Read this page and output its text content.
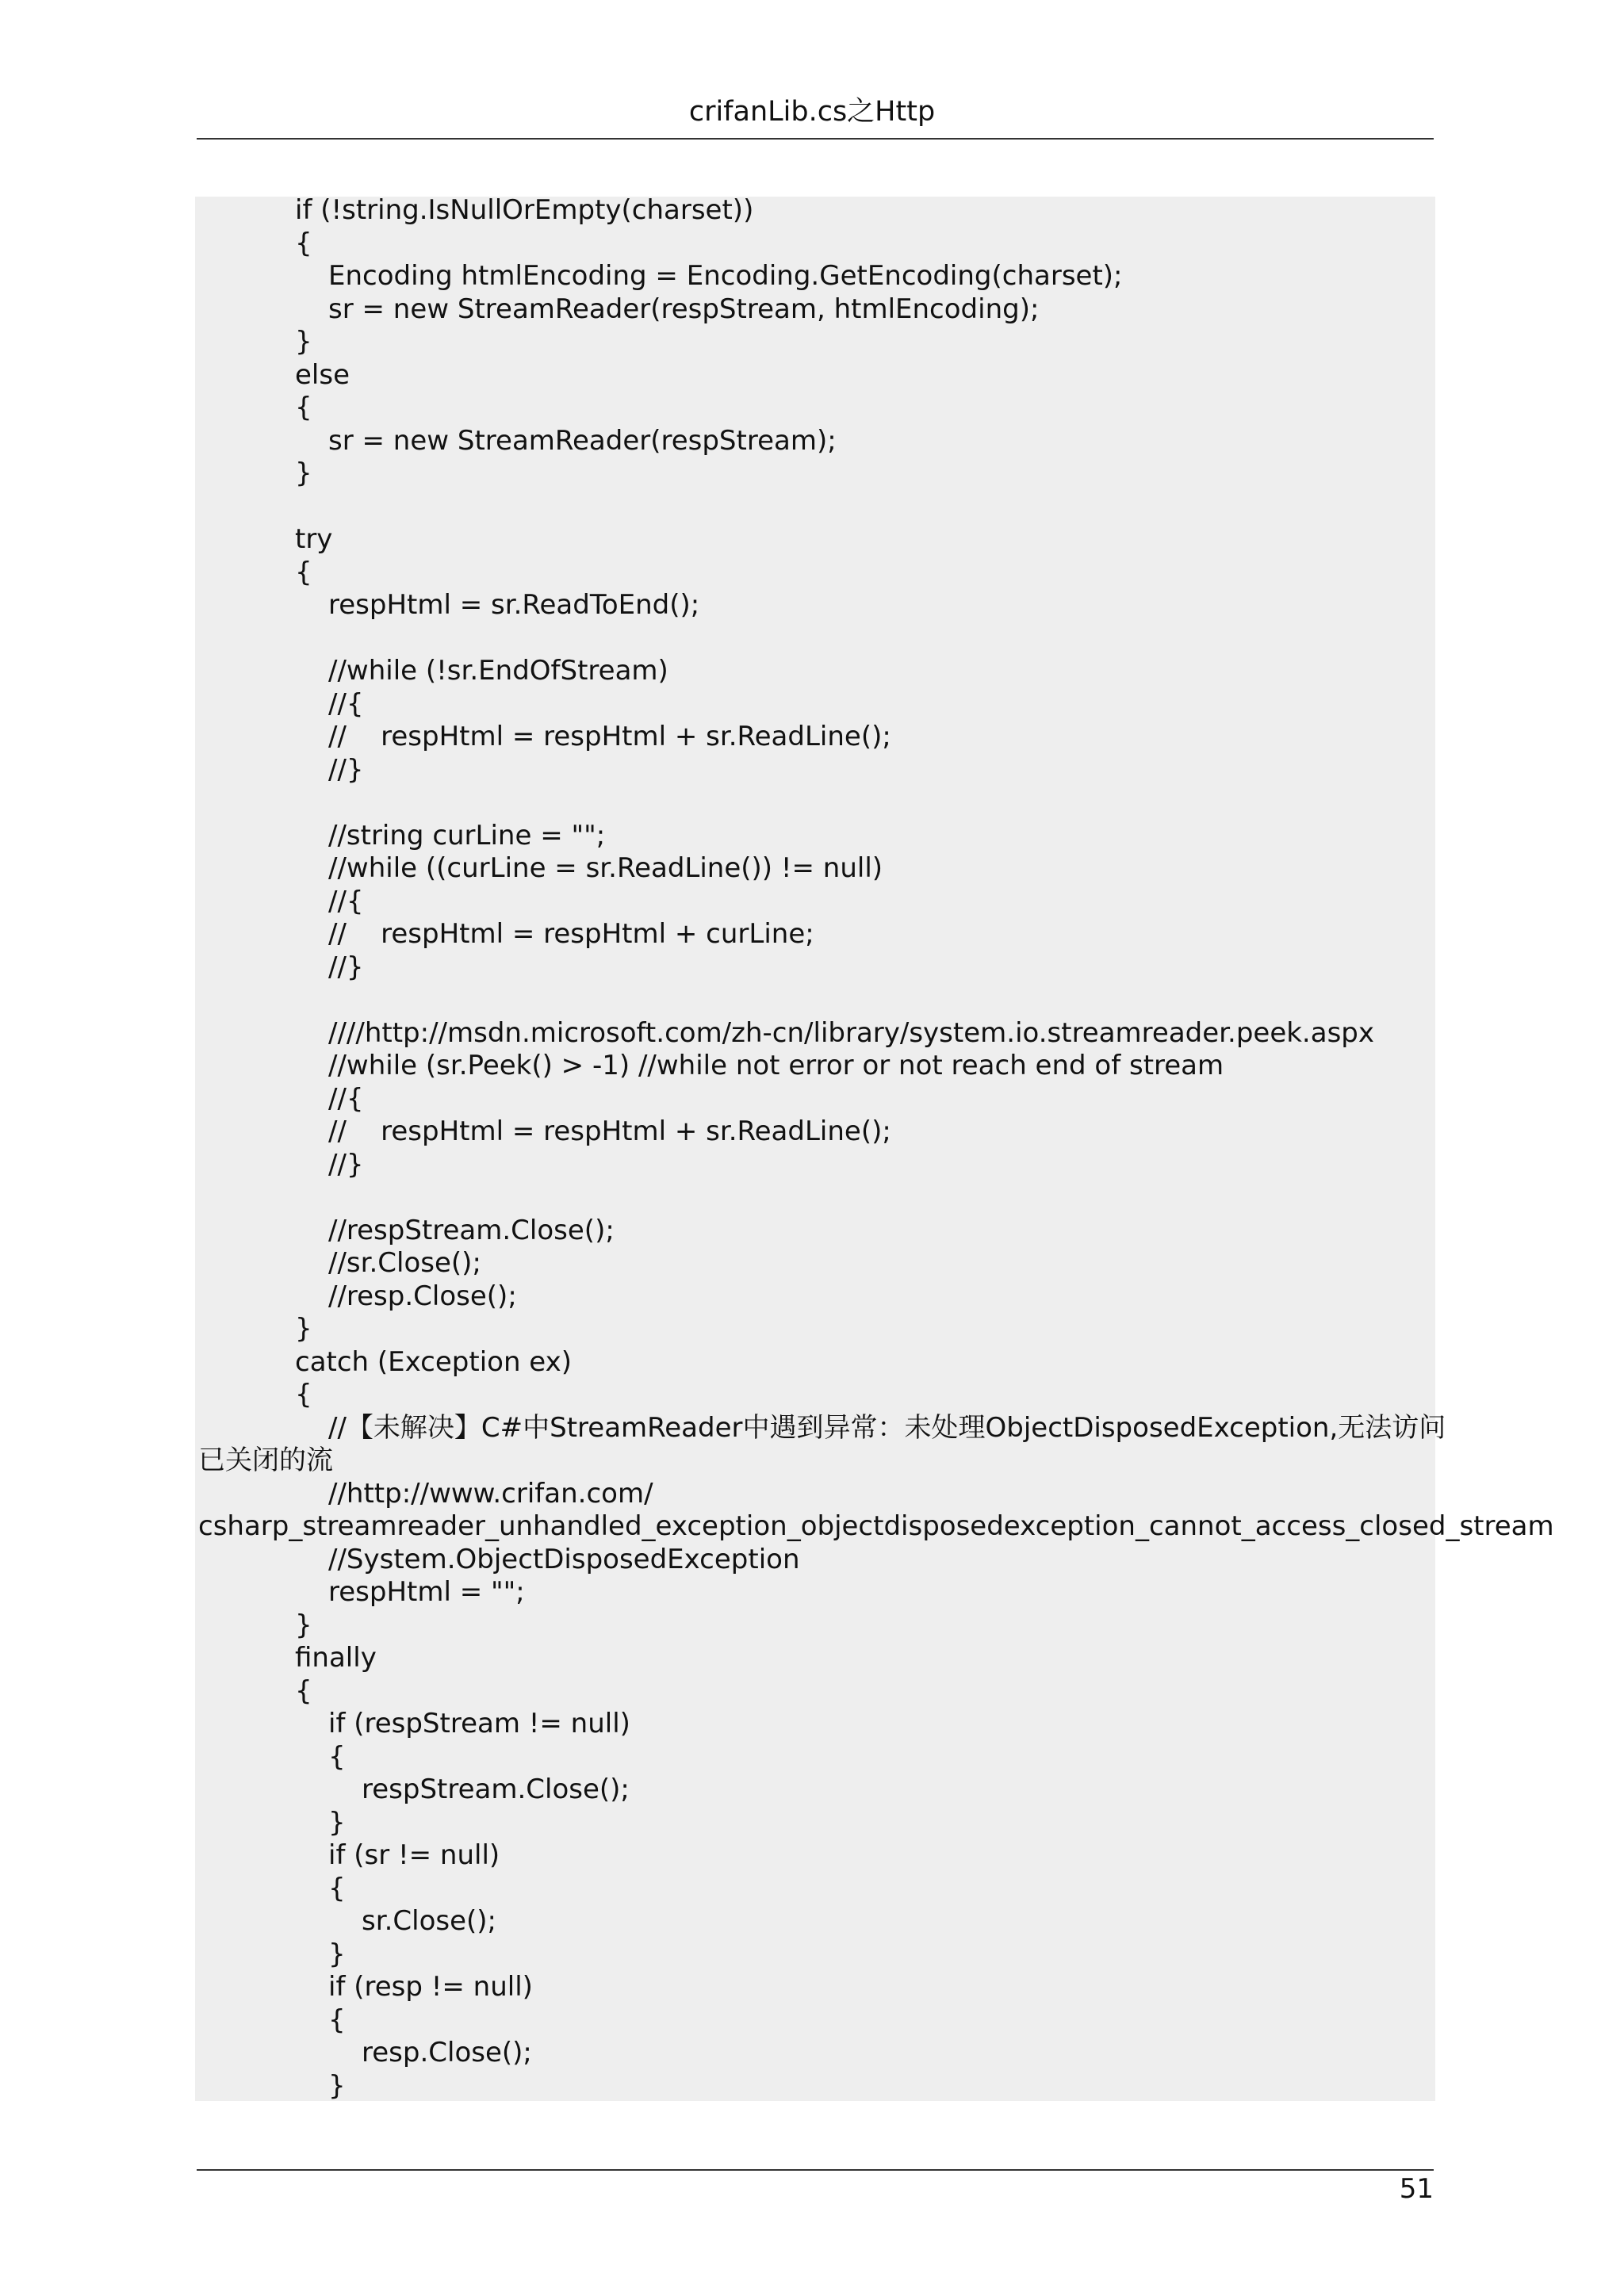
crifanLib.cs之Http
if (!string.IsNullOrEmpty(charset))
{
Encoding htmlEncoding = Encoding.GetEncoding(charset);
sr = new StreamReader(respStream, htmlEncoding);
}
else
{
sr = new StreamReader(respStream);
}
try
{
respHtml = sr.ReadToEnd();
//while (!sr.EndOfStream)
//{
//    respHtml = respHtml + sr.ReadLine();
//}
//string curLine = "";
//while ((curLine = sr.ReadLine()) != null)
//{
//    respHtml = respHtml + curLine;
//}
////http://msdn.microsoft.com/zh-cn/library/system.io.streamreader.peek.aspx
//while (sr.Peek() > -1) //while not error or not reach end of stream
//{
//    respHtml = respHtml + sr.ReadLine();
//}
//respStream.Close();
//sr.Close();
//resp.Close();
}
catch (Exception ex)
{
//【未解决】C#中StreamReader中遇到异常：未处理ObjectDisposedException,无法访问
已关闭的流
//http://www.crifan.com/
csharp_streamreader_unhandled_exception_objectdisposedexception_cannot_access_closed_stream
//System.ObjectDisposedException
respHtml = "";
}
finally
{
if (respStream != null)
{
respStream.Close();
}
if (sr != null)
{
sr.Close();
}
if (resp != null)
{
resp.Close();
}
51
